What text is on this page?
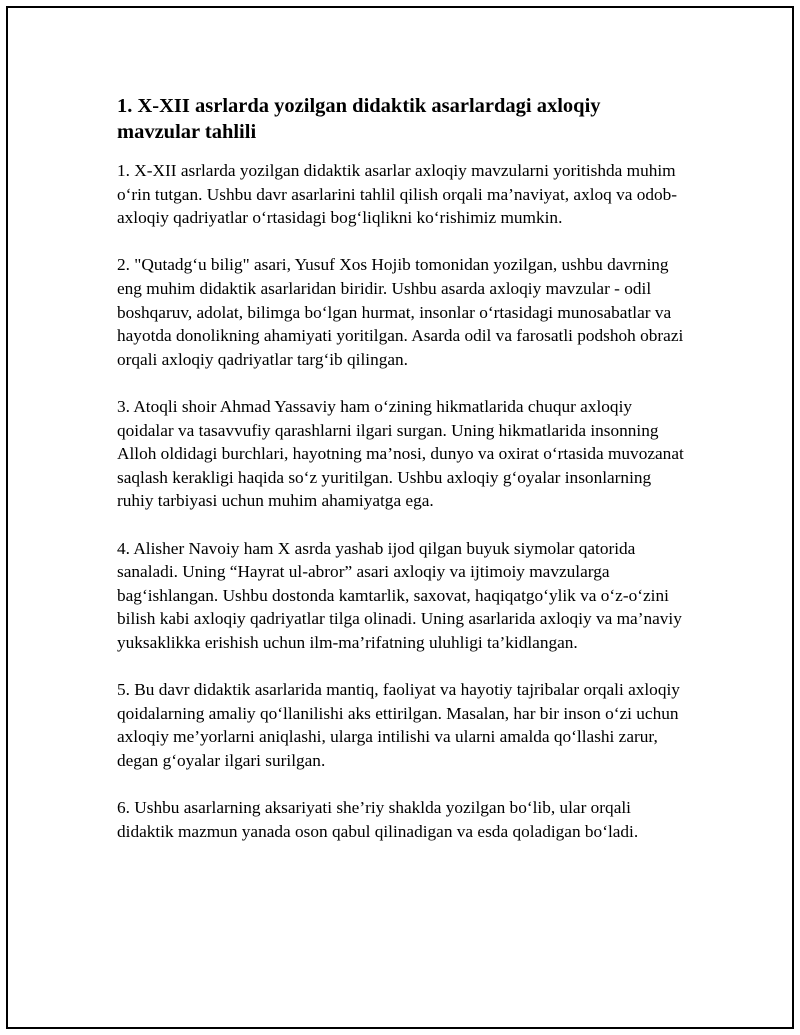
1. X-XII asrlarda yozilgan didaktik asarlardagi axloqiy mavzular tahlili

1. X-XII asrlarda yozilgan didaktik asarlar axloqiy mavzularni yoritishda muhim o‘rin tutgan. Ushbu davr asarlarini tahlil qilish orqali ma’naviyat, axloq va odob-axloqiy qadriyatlar o‘rtasidagi bog‘liqlikni ko‘rishimiz mumkin.

2. "Qutadg‘u bilig" asari, Yusuf Xos Hojib tomonidan yozilgan, ushbu davrning eng muhim didaktik asarlaridan biridir. Ushbu asarda axloqiy mavzular - odil boshqaruv, adolat, bilimga bo‘lgan hurmat, insonlar o‘rtasidagi munosabatlar va hayotda donolikning ahamiyati yoritilgan. Asarda odil va farosatli podshoh obrazi orqali axloqiy qadriyatlar targ‘ib qilingan.

3. Atoqli shoir Ahmad Yassaviy ham o‘zining hikmatlarida chuqur axloqiy qoidalar va tasavvufiy qarashlarni ilgari surgan. Uning hikmatlarida insonning Alloh oldidagi burchlari, hayotning ma’nosi, dunyo va oxirat o‘rtasida muvozanat saqlash kerakligi haqida so‘z yuritilgan. Ushbu axloqiy g‘oyalar insonlarning ruhiy tarbiyasi uchun muhim ahamiyatga ega.

4. Alisher Navoiy ham X asrda yashab ijod qilgan buyuk siymolar qatorida sanaladi. Uning “Hayrat ul-abror” asari axloqiy va ijtimoiy mavzularga bag‘ishlangan. Ushbu dostonda kamtarlik, saxovat, haqiqatgo‘ylik va o‘z-o‘zini bilish kabi axloqiy qadriyatlar tilga olinadi. Uning asarlarida axloqiy va ma’naviy yuksaklikka erishish uchun ilm-ma’rifatning uluhligi ta’kidlangan.

5. Bu davr didaktik asarlarida mantiq, faoliyat va hayotiy tajribalar orqali axloqiy qoidalarning amaliy qo‘llanilishi aks ettirilgan. Masalan, har bir inson o‘zi uchun axloqiy me’yorlarni aniqlashi, ularga intilishi va ularni amalda qo‘llashi zarur, degan g‘oyalar ilgari surilgan.

6. Ushbu asarlarning aksariyati she’riy shaklda yozilgan bo‘lib, ular orqali didaktik mazmun yanada oson qabul qilinadigan va esda qoladigan bo‘ladi.
